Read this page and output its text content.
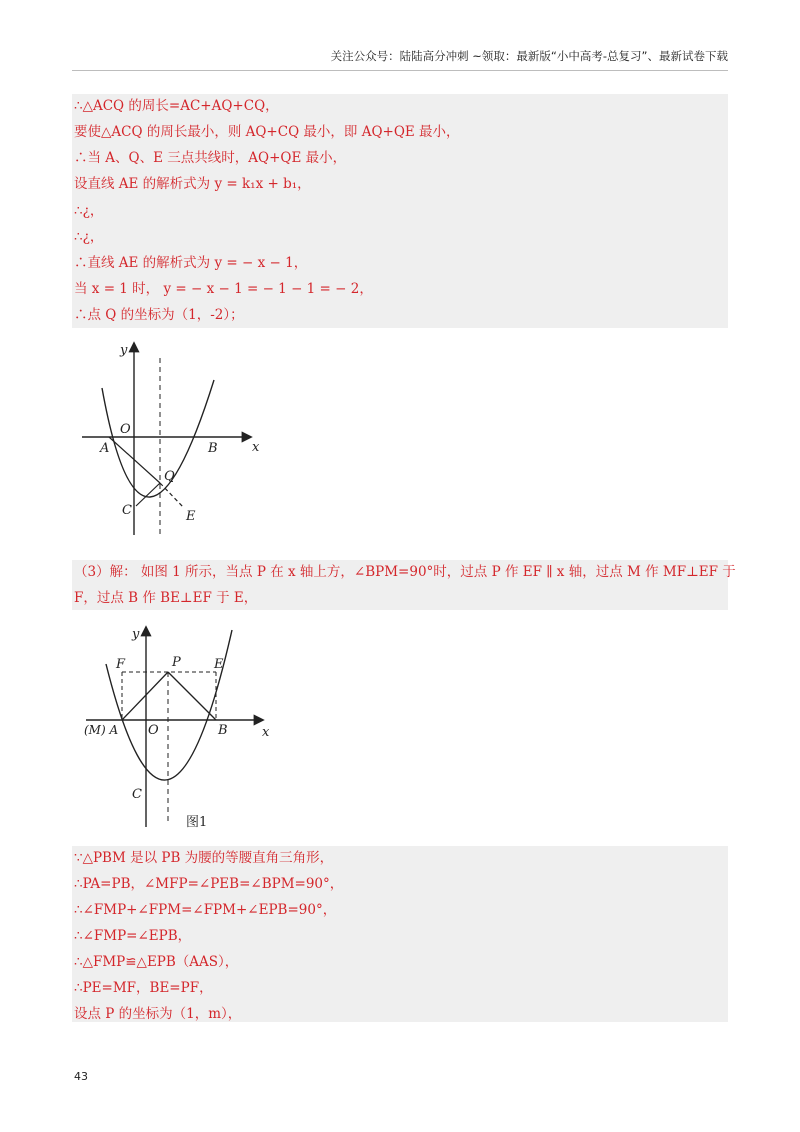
关注公众号：陆陆高分冲刺 ~领取：最新版“小中高考-总复习”、最新试卷下载
∴△ACQ 的周长=AC+AQ+CQ，
要使△ACQ 的周长最小，则 AQ+CQ 最小，即 AQ+QE 最小，
∴当 A、Q、E 三点共线时，AQ+QE 最小，
设直线 AE 的解析式为 y = k₁x + b₁，
∴¿，
∴¿，
∴直线 AE 的解析式为 y = − x − 1，
当 x = 1 时， y = − x − 1 = − 1 − 1 = − 2，
∴点 Q 的坐标为（1，-2）；
y
x
O
A	B
C
Q
E
（3）解： 如图 1 所示，当点 P 在 x 轴上方，∠BPM=90°时，过点 P 作 EF ∥ x 轴，过点 M 作 MF⊥EF 于
F，过点 B 作 BE⊥EF 于 E，
y
x
F	P	E
(M) A O	B
C
图1
∵△PBM 是以 PB 为腰的等腰直角三角形，
∴PA=PB，∠MFP=∠PEB=∠BPM=90°，
∴∠FMP+∠FPM=∠FPM+∠EPB=90°，
∴∠FMP=∠EPB，
∴△FMP≌△EPB（AAS），
∴PE=MF，BE=PF，
设点 P 的坐标为（1，m），
43
